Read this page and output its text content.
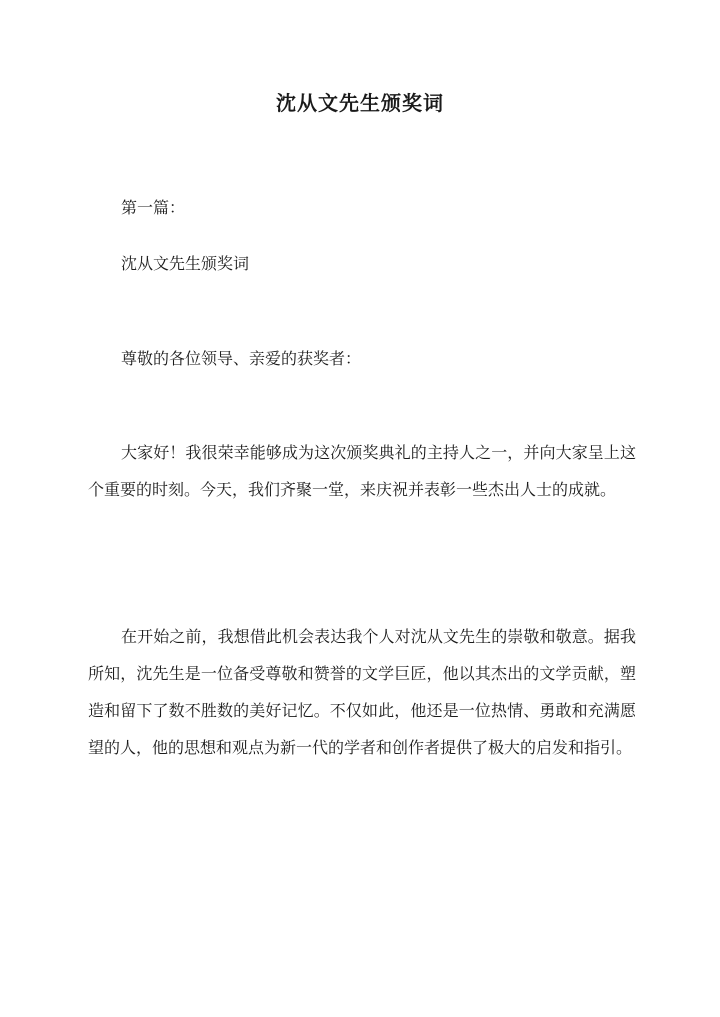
沈从文先生颁奖词
第一篇：
沈从文先生颁奖词
尊敬的各位领导、亲爱的获奖者：

大家好！我很荣幸能够成为这次颁奖典礼的主持人之一，并向大家呈上这个重要的时刻。今天，我们齐聚一堂，来庆祝并表彰一些杰出人士的成就。

在开始之前，我想借此机会表达我个人对沈从文先生的崇敬和敬意。据我所知，沈先生是一位备受尊敬和赞誉的文学巨匠，他以其杰出的文学贡献，塑造和留下了数不胜数的美好记忆。不仅如此，他还是一位热情、勇敢和充满愿望的人，他的思想和观点为新一代的学者和创作者提供了极大的启发和指引。
